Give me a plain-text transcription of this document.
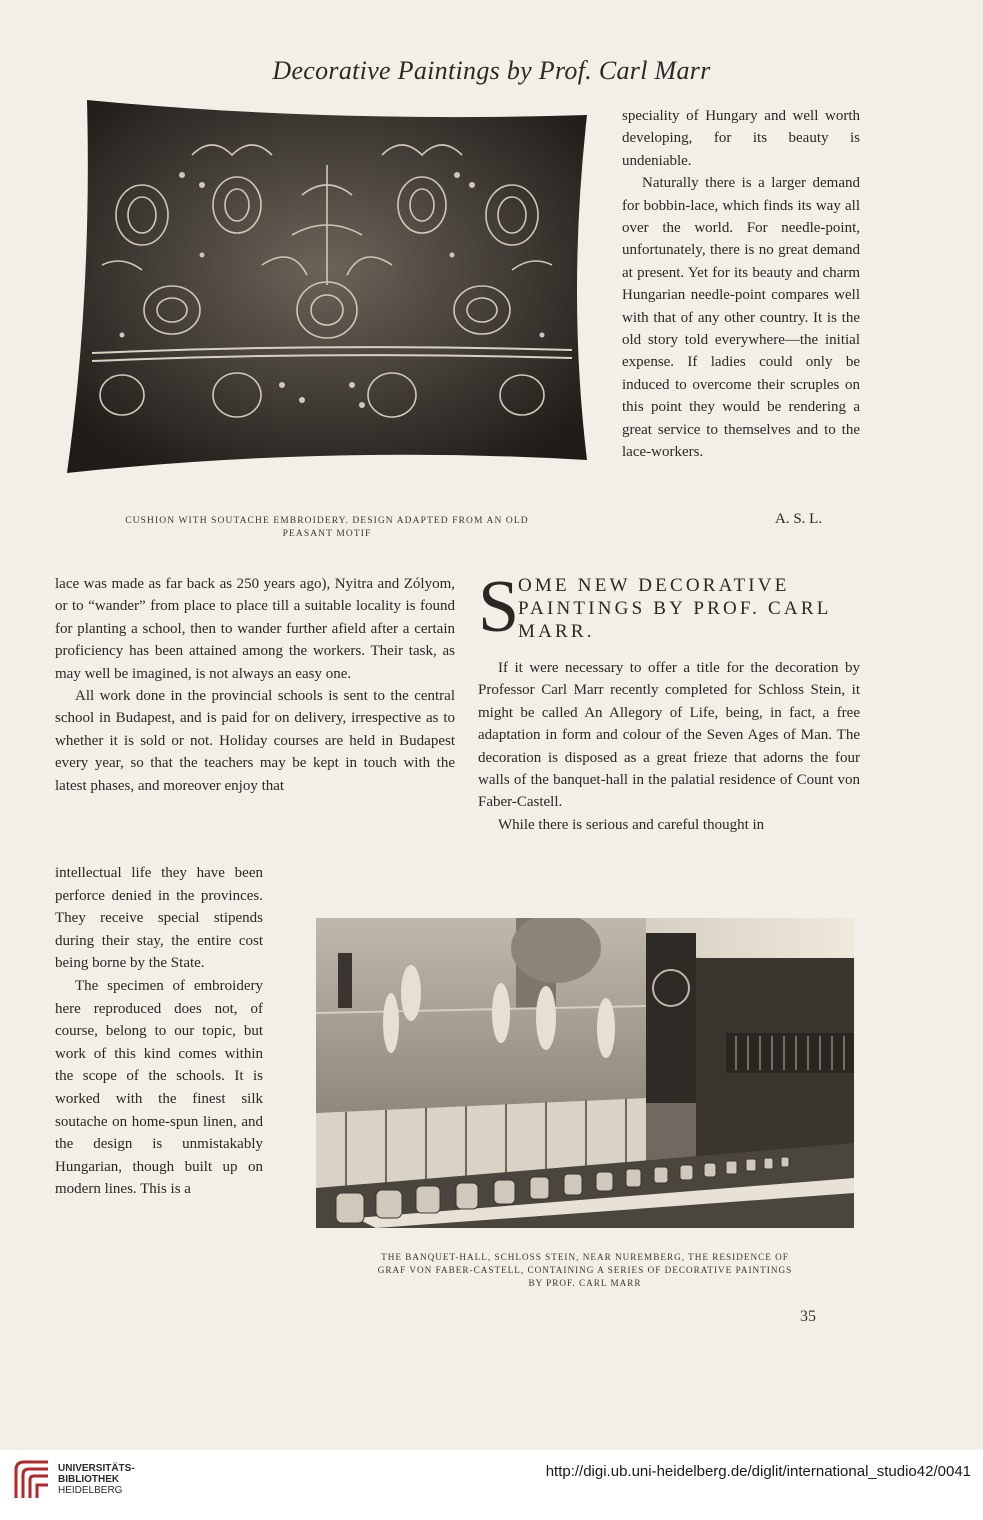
Decorative Paintings by Prof. Carl Marr
CUSHION WITH SOUTACHE EMBROIDERY. DESIGN ADAPTED FROM AN OLD
PEASANT MOTIF

speciality of Hungary and well worth developing, for its beauty is undeniable.

Naturally there is a larger demand for bobbin-lace, which finds its way all over the world. For needle-point, unfortunately, there is no great demand at present. Yet for its beauty and charm Hungarian needle-point compares well with that of any other country. It is the old story told everywhere—the initial expense. If ladies could only be induced to overcome their scruples on this point they would be rendering a great service to themselves and to the lace-workers.

A. S. L.

lace was made as far back as 250 years ago), Nyitra and Zólyom, or to “wander” from place to place till a suitable locality is found for planting a school, then to wander further afield after a certain proficiency has been attained among the workers. Their task, as may well be imagined, is not always an easy one.

All work done in the provincial schools is sent to the central school in Budapest, and is paid for on delivery, irrespective as to whether it is sold or not. Holiday courses are held in Budapest every year, so that the teachers may be kept in touch with the latest phases, and moreover enjoy that

intellectual life they have been perforce denied in the provinces. They receive special stipends during their stay, the entire cost being borne by the State.

The specimen of embroidery here reproduced does not, of course, belong to our topic, but work of this kind comes within the scope of the schools. It is worked with the finest silk soutache on home-spun linen, and the design is unmistakably Hungarian, though built up on modern lines. This is a

S
OME NEW DECORATIVE PAINTINGS BY PROF. CARL MARR.

If it were necessary to offer a title for the decoration by Professor Carl Marr recently completed for Schloss Stein, it might be called An Allegory of Life, being, in fact, a free adaptation in form and colour of the Seven Ages of Man. The decoration is disposed as a great frieze that adorns the four walls of the banquet-hall in the palatial residence of Count von Faber-Castell.

While there is serious and careful thought in

THE BANQUET-HALL, SCHLOSS STEIN, NEAR NUREMBERG, THE RESIDENCE OF
GRAF VON FABER-CASTELL, CONTAINING A SERIES OF DECORATIVE PAINTINGS
BY PROF. CARL MARR
35
UNIVERSITÄTS-
BIBLIOTHEK
HEIDELBERG
http://digi.ub.uni-heidelberg.de/diglit/international_studio42/0041
